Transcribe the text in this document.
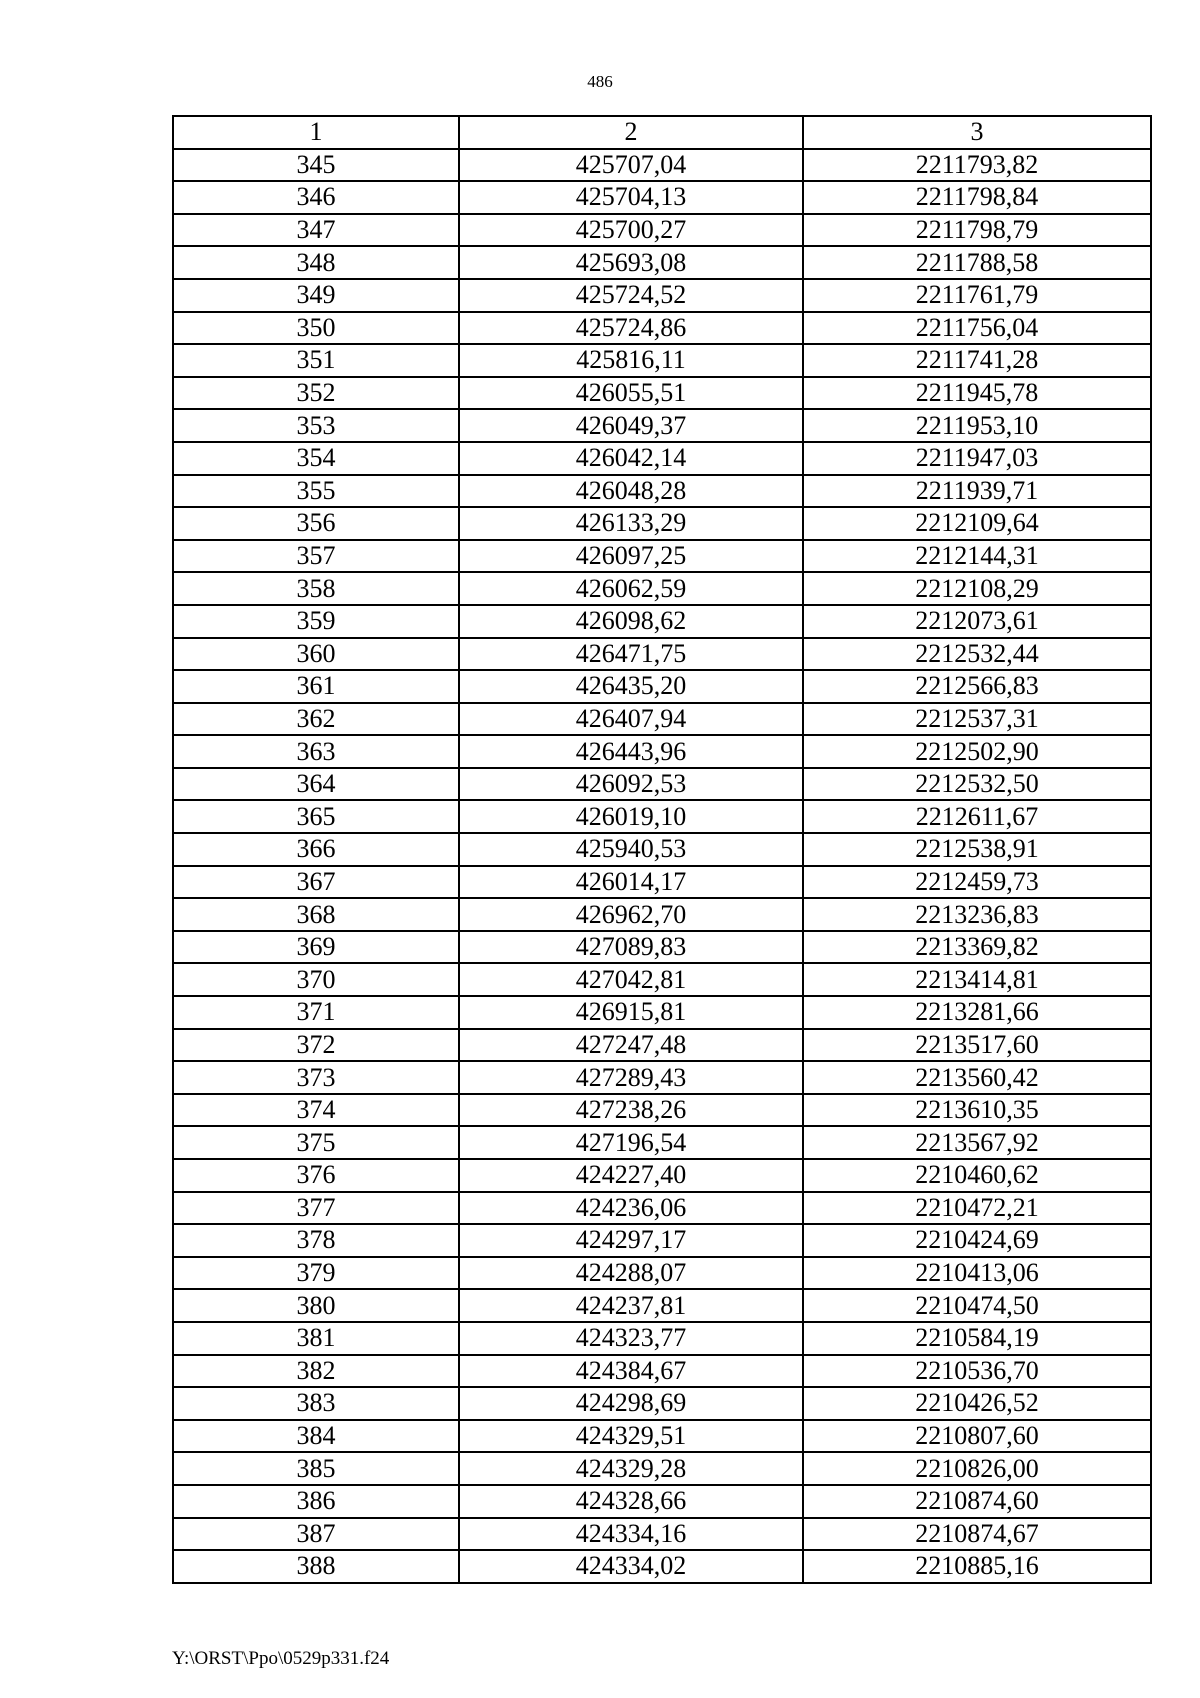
486
1	2	3
345	425707,04	2211793,82
346	425704,13	2211798,84
347	425700,27	2211798,79
348	425693,08	2211788,58
349	425724,52	2211761,79
350	425724,86	2211756,04
351	425816,11	2211741,28
352	426055,51	2211945,78
353	426049,37	2211953,10
354	426042,14	2211947,03
355	426048,28	2211939,71
356	426133,29	2212109,64
357	426097,25	2212144,31
358	426062,59	2212108,29
359	426098,62	2212073,61
360	426471,75	2212532,44
361	426435,20	2212566,83
362	426407,94	2212537,31
363	426443,96	2212502,90
364	426092,53	2212532,50
365	426019,10	2212611,67
366	425940,53	2212538,91
367	426014,17	2212459,73
368	426962,70	2213236,83
369	427089,83	2213369,82
370	427042,81	2213414,81
371	426915,81	2213281,66
372	427247,48	2213517,60
373	427289,43	2213560,42
374	427238,26	2213610,35
375	427196,54	2213567,92
376	424227,40	2210460,62
377	424236,06	2210472,21
378	424297,17	2210424,69
379	424288,07	2210413,06
380	424237,81	2210474,50
381	424323,77	2210584,19
382	424384,67	2210536,70
383	424298,69	2210426,52
384	424329,51	2210807,60
385	424329,28	2210826,00
386	424328,66	2210874,60
387	424334,16	2210874,67
388	424334,02	2210885,16
Y:\ORST\Ppo\0529p331.f24
